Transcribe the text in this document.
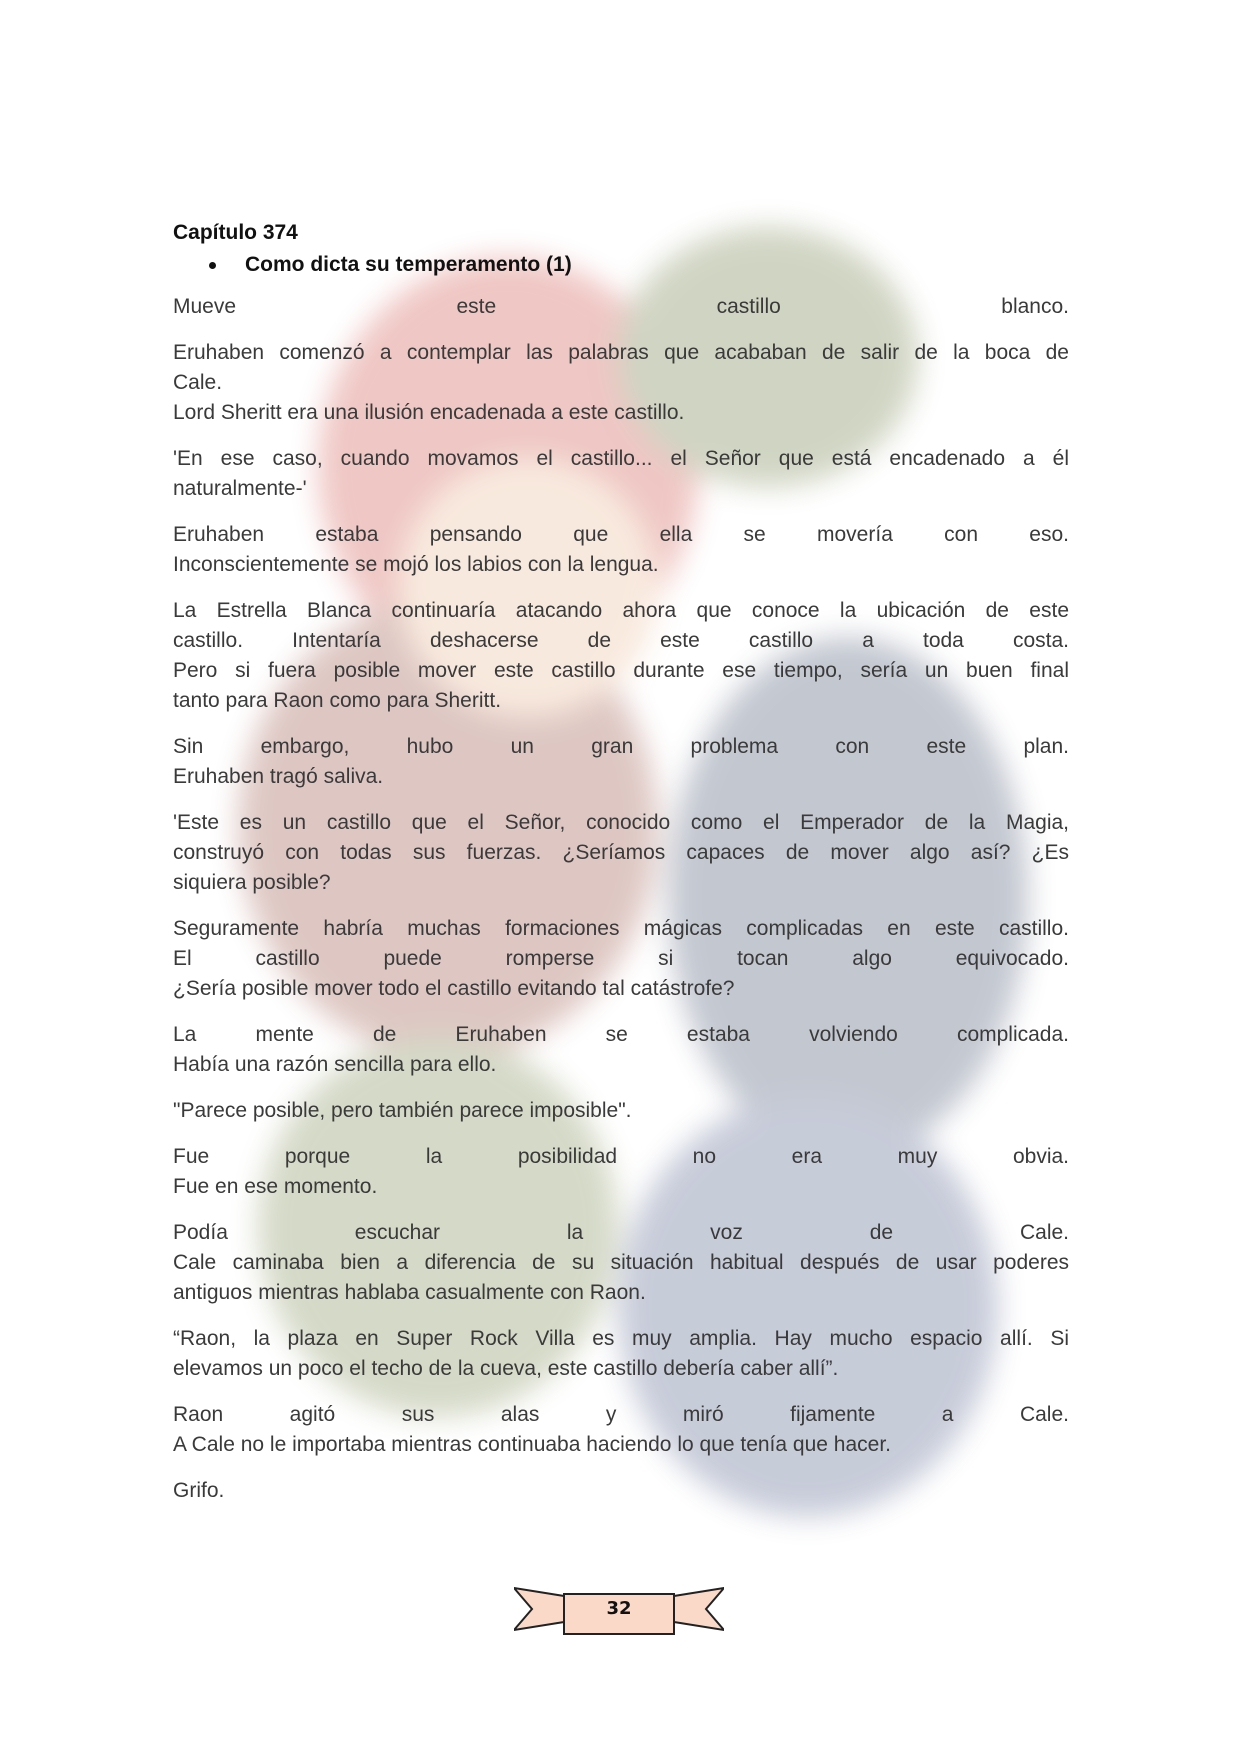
Capítulo 374

Como dicta su temperamento (1)

Mueve este castillo blanco.

Eruhaben comenzó a contemplar las palabras que acababan de salir de la boca de
Cale.
Lord Sheritt era una ilusión encadenada a este castillo.

'En ese caso, cuando movamos el castillo... el Señor que está encadenado a él
naturalmente-'

Eruhaben estaba pensando que ella se movería con eso.
Inconscientemente se mojó los labios con la lengua.

La Estrella Blanca continuaría atacando ahora que conoce la ubicación de este
castillo. Intentaría deshacerse de este castillo a toda costa.
Pero si fuera posible mover este castillo durante ese tiempo, sería un buen final
tanto para Raon como para Sheritt.

Sin embargo, hubo un gran problema con este plan.
Eruhaben tragó saliva.

'Este es un castillo que el Señor, conocido como el Emperador de la Magia,
construyó con todas sus fuerzas. ¿Seríamos capaces de mover algo así? ¿Es
siquiera posible?

Seguramente habría muchas formaciones mágicas complicadas en este castillo.
El castillo puede romperse si tocan algo equivocado.
¿Sería posible mover todo el castillo evitando tal catástrofe?

La mente de Eruhaben se estaba volviendo complicada.
Había una razón sencilla para ello.

"Parece posible, pero también parece imposible".

Fue porque la posibilidad no era muy obvia.
Fue en ese momento.

Podía escuchar la voz de Cale.
Cale caminaba bien a diferencia de su situación habitual después de usar poderes
antiguos mientras hablaba casualmente con Raon.

“Raon, la plaza en Super Rock Villa es muy amplia. Hay mucho espacio allí. Si
elevamos un poco el techo de la cueva, este castillo debería caber allí”.

Raon agitó sus alas y miró fijamente a Cale.
A Cale no le importaba mientras continuaba haciendo lo que tenía que hacer.

Grifo.

32
